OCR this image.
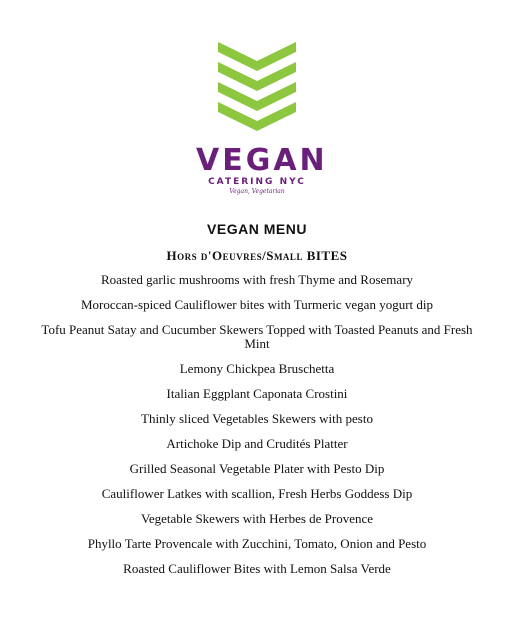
VEGAN
CATERING NYC
Vegan, Vegetarian
VEGAN MENU
Hors d'Oeuvres/Small BITES
Roasted garlic mushrooms with fresh Thyme and Rosemary
Moroccan-spiced Cauliflower bites with Turmeric vegan yogurt dip
Tofu Peanut Satay and Cucumber Skewers Topped with Toasted Peanuts and Fresh Mint
Lemony Chickpea Bruschetta
Italian Eggplant Caponata Crostini
Thinly sliced Vegetables Skewers with pesto
Artichoke Dip and Crudités Platter
Grilled Seasonal Vegetable Plater with Pesto Dip
Cauliflower Latkes with scallion, Fresh Herbs Goddess Dip
Vegetable Skewers with Herbes de Provence
Phyllo Tarte Provencale with Zucchini, Tomato, Onion and Pesto
Roasted Cauliflower Bites with Lemon Salsa Verde
